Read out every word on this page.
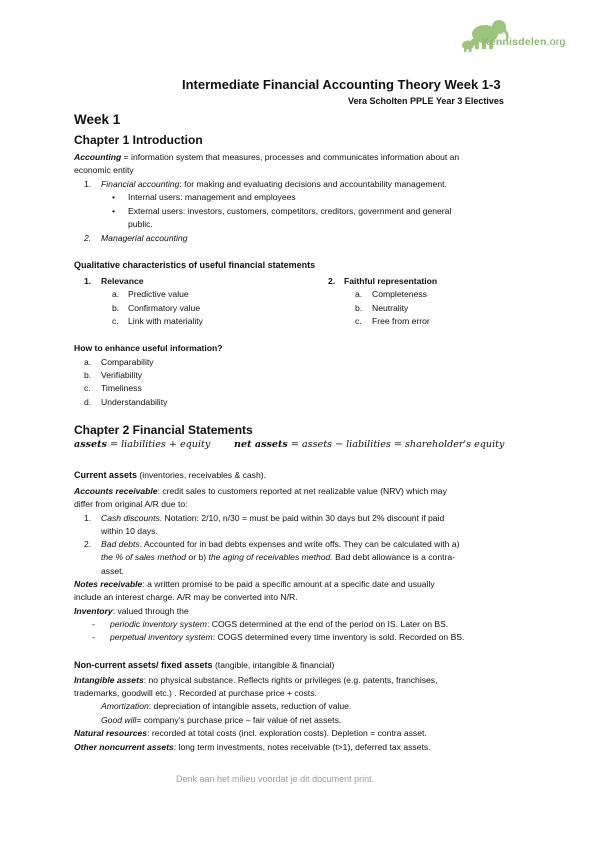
Kennisdelen.org
Intermediate Financial Accounting Theory Week 1-3
Vera Scholten PPLE Year 3 Electives
Week 1
Chapter 1 Introduction
Accounting = information system that measures, processes and communicates information about an
economic entity
1. Financial accounting: for making and evaluating decisions and accountability management.
• Internal users: management and employees
• External users: investors, customers, competitors, creditors, government and general
public.
2. Managerial accounting
Qualitative characteristics of useful financial statements
1. Relevance
a. Predictive value
b. Confirmatory value
c. Link with materiality
2. Faithful representation
a. Completeness
b. Neutrality
c. Free from error
How to enhance useful information?
a. Comparability
b. Verifiability
c. Timeliness
d. Understandability
Chapter 2 Financial Statements
assets = liabilities + equity net assets = assets − liabilities = shareholder's equity
Current assets (inventories, receivables & cash).
Accounts receivable: credit sales to customers reported at net realizable value (NRV) which may
differ from original A/R due to:
1. Cash discounts. Notation: 2/10, n/30 = must be paid within 30 days but 2% discount if paid
within 10 days.
2. Bad debts. Accounted for in bad debts expenses and write offs. They can be calculated with a)
the % of sales method or b) the aging of receivables method. Bad debt allowance is a contra-
asset.
Notes receivable: a written promise to be paid a specific amount at a specific date and usually
include an interest charge. A/R may be converted into N/R.
Inventory: valued through the
- periodic inventory system: COGS determined at the end of the period on IS. Later on BS.
- perpetual inventory system: COGS determined every time inventory is sold. Recorded on BS.
Non-current assets/ fixed assets (tangible, intangible & financial)
Intangible assets: no physical substance. Reflects rights or privileges (e.g. patents, franchises,
trademarks, goodwill etc.) . Recorded at purchase price + costs.
Amortization: depreciation of intangible assets, reduction of value.
Good will= company's purchase price – fair value of net assets.
Natural resources: recorded at total costs (incl. exploration costs). Depletion = contra asset.
Other noncurrent assets: long term investments, notes receivable (t>1), deferred tax assets.
Denk aan het milieu voordat je dit document print.
